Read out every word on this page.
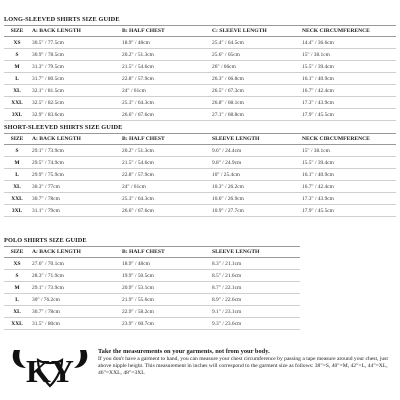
LONG-SLEEVED SHIRTS SIZE GUIDE
SIZE	A: BACK LENGTH	B: HALF CHEST	C: SLEEVE LENGTH	NECK CIRCUMFERENCE
XS	30.5" / 77.5cm	18.9" / 48cm	25.4" / 64.5cm	14.4" / 36.6cm
S	30.9" / 78.5cm	20.2" / 51.3cm	25.6" / 65cm	15" / 38.1cm
M	31.3" / 79.5cm	21.5" / 54.6cm	26" / 66cm	15.5" / 39.4cm
L	31.7" / 80.5cm	22.8" / 57.9cm	26.3" / 66.8cm	16.1" / 40.9cm
XL	32.1" / 81.5cm	24" / 61cm	26.5" / 67.3cm	16.7" / 42.4cm
XXL	32.5" / 82.5cm	25.3" / 64.3cm	26.8" / 68.1cm	17.3" / 43.9cm
3XL	32.9" / 83.6cm	26.6" / 67.6cm	27.1" / 68.8cm	17.9" / 45.5cm
SHORT-SLEEVED SHIRTS SIZE GUIDE
SIZE	A: BACK LENGTH	B: HALF CHEST	SLEEVE LENGTH	NECK CIRCUMFERENCE
S	29.1" / 73.9cm	20.2" / 51.3cm	9.6" / 24.4cm	15" / 38.1cm
M	29.5" / 74.9cm	21.5" / 54.6cm	9.8" / 24.9cm	15.5" / 39.4cm
L	29.9" / 75.9cm	22.8" / 57.9cm	10" / 25.4cm	16.1" / 40.9cm
XL	30.3" / 77cm	24" / 61cm	10.3" / 26.2cm	16.7" / 42.4cm
XXL	30.7" / 78cm	25.3" / 64.3cm	10.6" / 26.9cm	17.3" / 43.9cm
3XL	31.1" / 79cm	26.6" / 67.6cm	10.9" / 27.7cm	17.9" / 45.5cm
POLO SHIRTS SIZE GUIDE
SIZE	A: BACK LENGTH	B: HALF CHEST	SLEEVE LENGTH
XS	27.6" / 70.1cm	18.9" / 48cm	8.3" / 21.1cm
S	28.3" / 71.9cm	19.9" / 50.5cm	8.5" / 21.6cm
M	29.1" / 73.9cm	20.9" / 53.1cm	8.7" / 22.1cm
L	30" / 76.2cm	21.9" / 55.6cm	8.9" / 22.6cm
XL	30.7" / 78cm	22.9" / 58.2cm	9.1" / 23.1cm
XXL	31.5" / 80cm	23.9" / 60.7cm	9.3" / 23.6cm
KY
Take the measurements on your garments, not from your body.
If you don't have a garment to hand, you can measure your chest circumference by passing a tape measure around your chest, just above nipple height. This measurement in inches will correspond to the garment size as follows: 38"=S, 40"=M, 42"=L, 44"=XL, 46"=XXL, 48"=3XL
